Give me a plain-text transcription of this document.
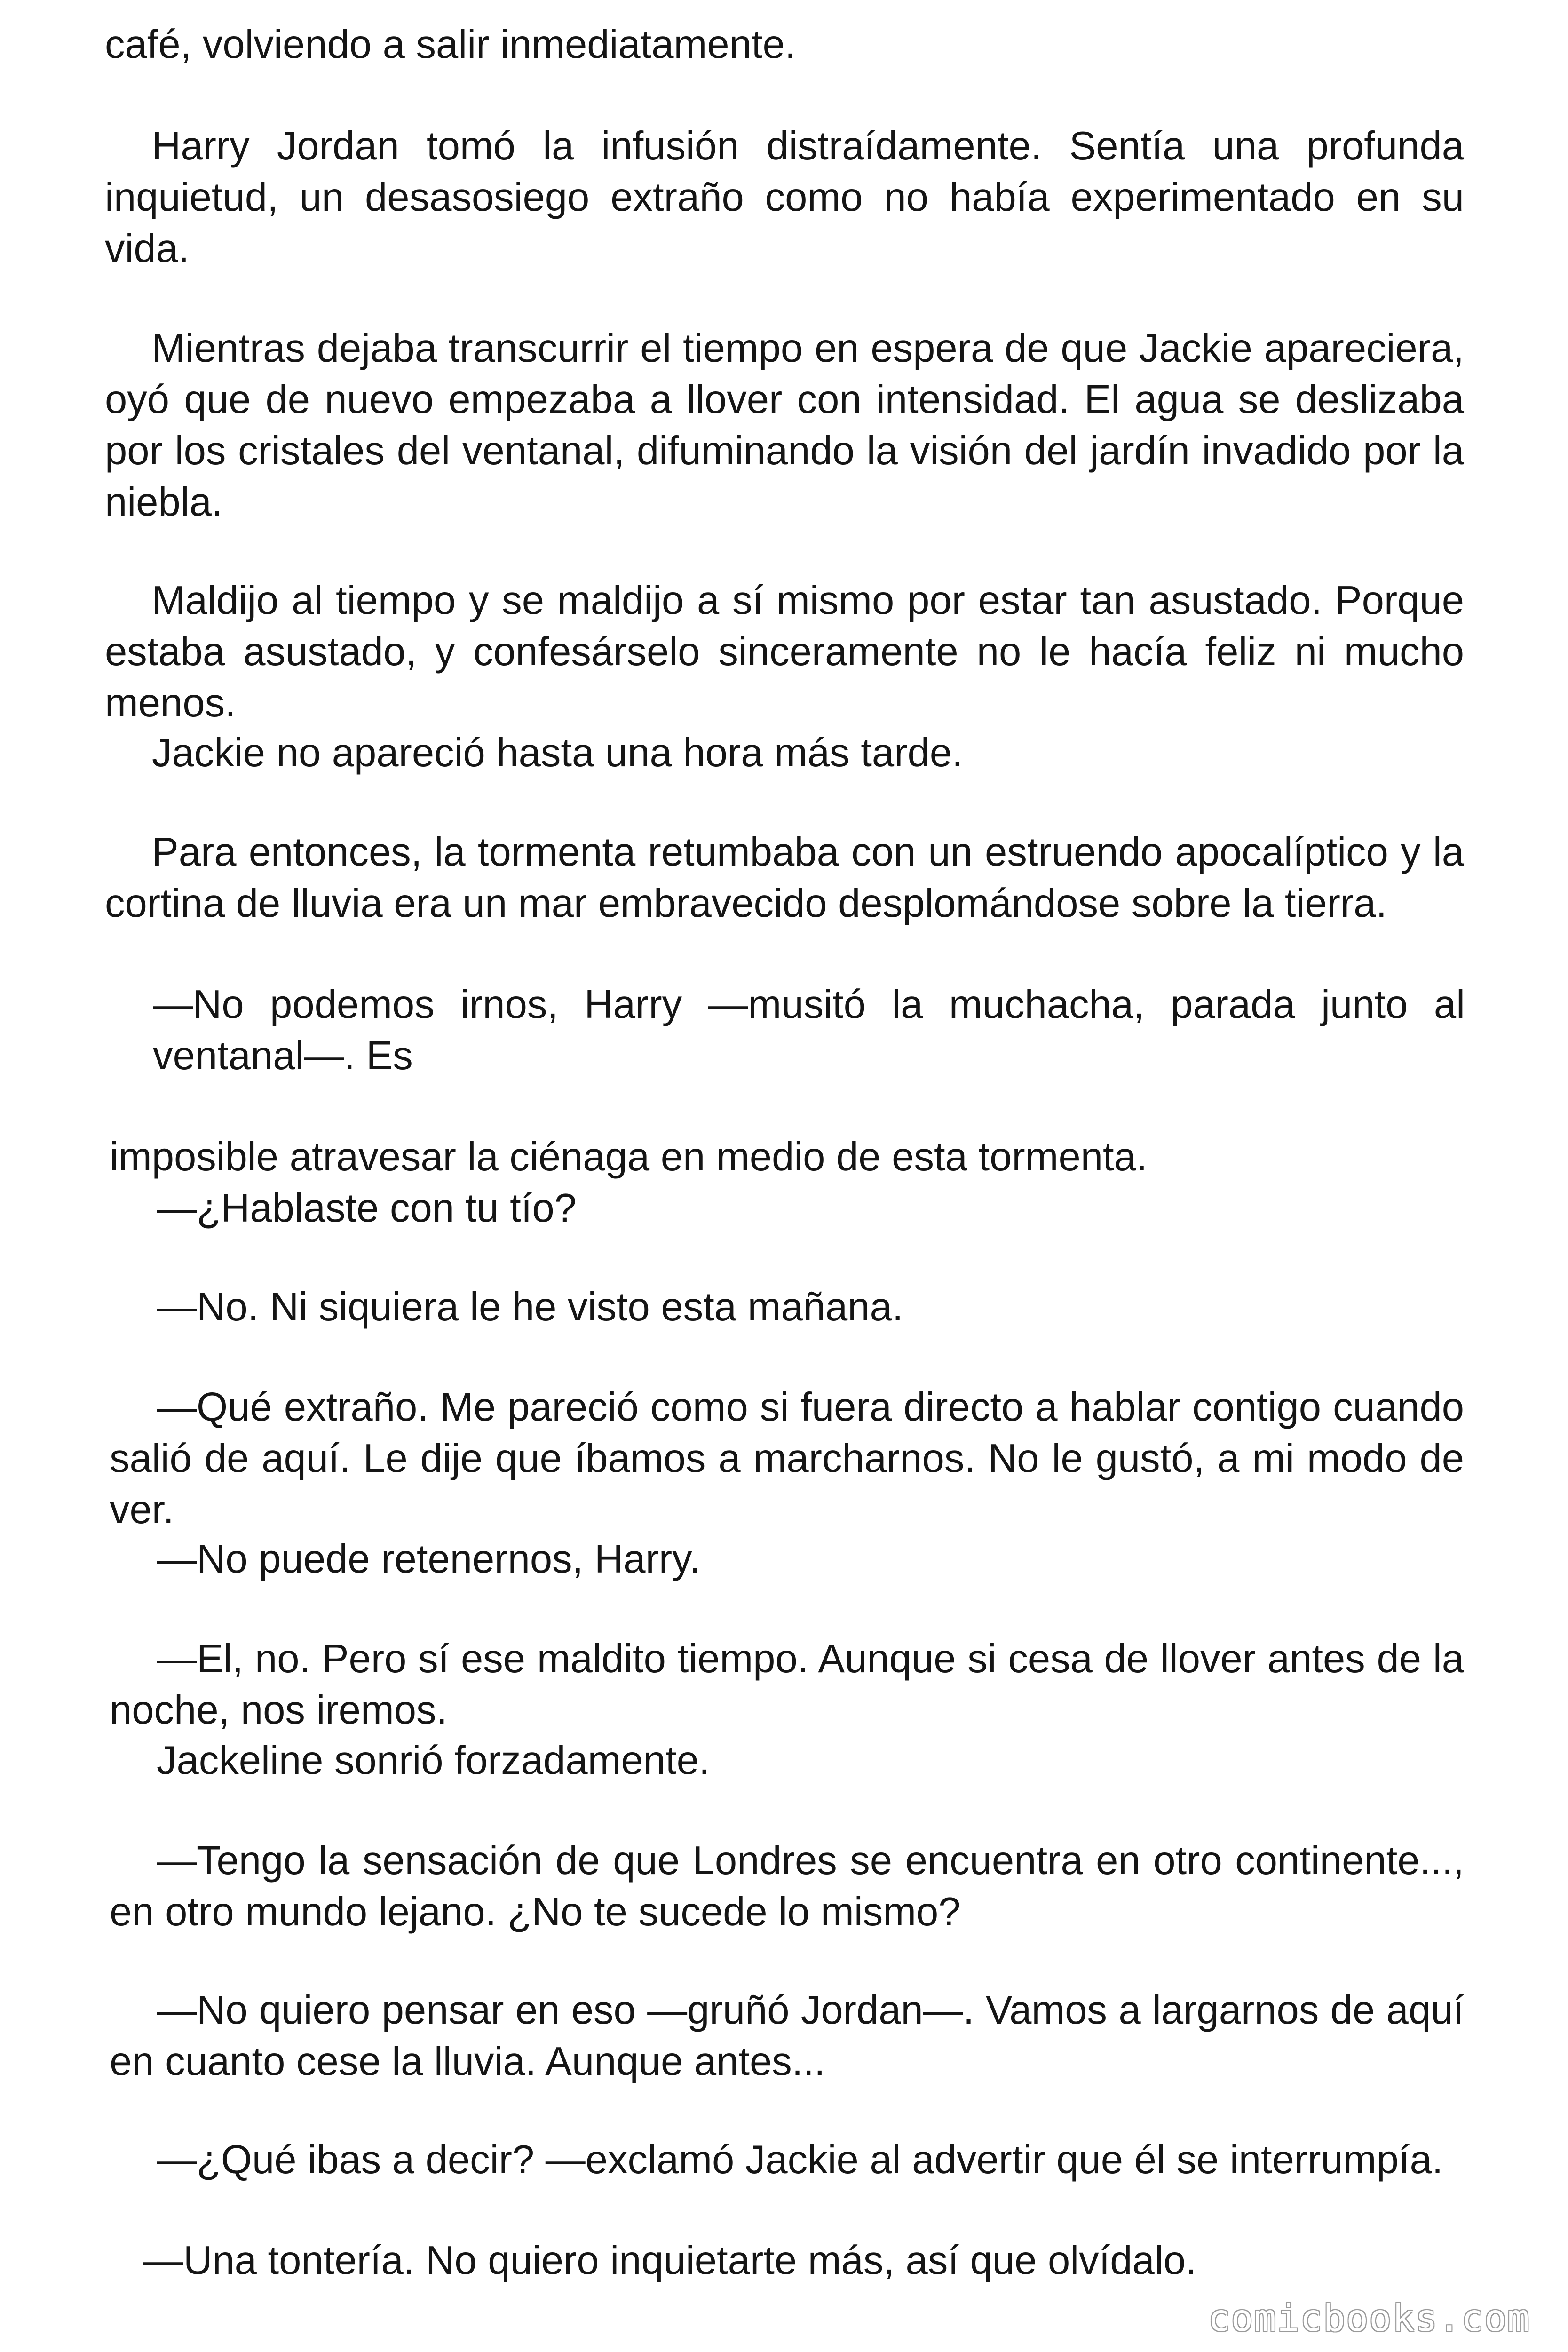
café, volviendo a salir inmediatamente.

Harry Jordan tomó la infusión distraídamente. Sentía una profunda inquietud, un desasosiego extraño como no había experimentado en su vida.

Mientras dejaba transcurrir el tiempo en espera de que Jackie apareciera, oyó que de nuevo empezaba a llover con intensidad. El agua se deslizaba por los cristales del ventanal, difuminando la visión del jardín invadido por la niebla.

Maldijo al tiempo y se maldijo a sí mismo por estar tan asustado. Porque estaba asustado, y confesárselo sinceramente no le hacía feliz ni mucho menos.

Jackie no apareció hasta una hora más tarde.

Para entonces, la tormenta retumbaba con un estruendo apocalíptico y la cortina de lluvia era un mar embravecido desplomándose sobre la tierra.

—No podemos irnos, Harry —musitó la muchacha, parada junto al ventanal—. Es

imposible atravesar la ciénaga en medio de esta tormenta.

—¿Hablaste con tu tío?

—No. Ni siquiera le he visto esta mañana.

—Qué extraño. Me pareció como si fuera directo a hablar contigo cuando salió de aquí. Le dije que íbamos a marcharnos. No le gustó, a mi modo de ver.

—No puede retenernos, Harry.

—El, no. Pero sí ese maldito tiempo. Aunque si cesa de llover antes de la noche, nos iremos.

Jackeline sonrió forzadamente.

—Tengo la sensación de que Londres se encuentra en otro continente..., en otro mundo lejano. ¿No te sucede lo mismo?

—No quiero pensar en eso —gruñó Jordan—. Vamos a largarnos de aquí en cuanto cese la lluvia. Aunque antes...

—¿Qué ibas a decir? —exclamó Jackie al advertir que él se interrumpía.

—Una tontería. No quiero inquietarte más, así que olvídalo.

comicbooks.com
